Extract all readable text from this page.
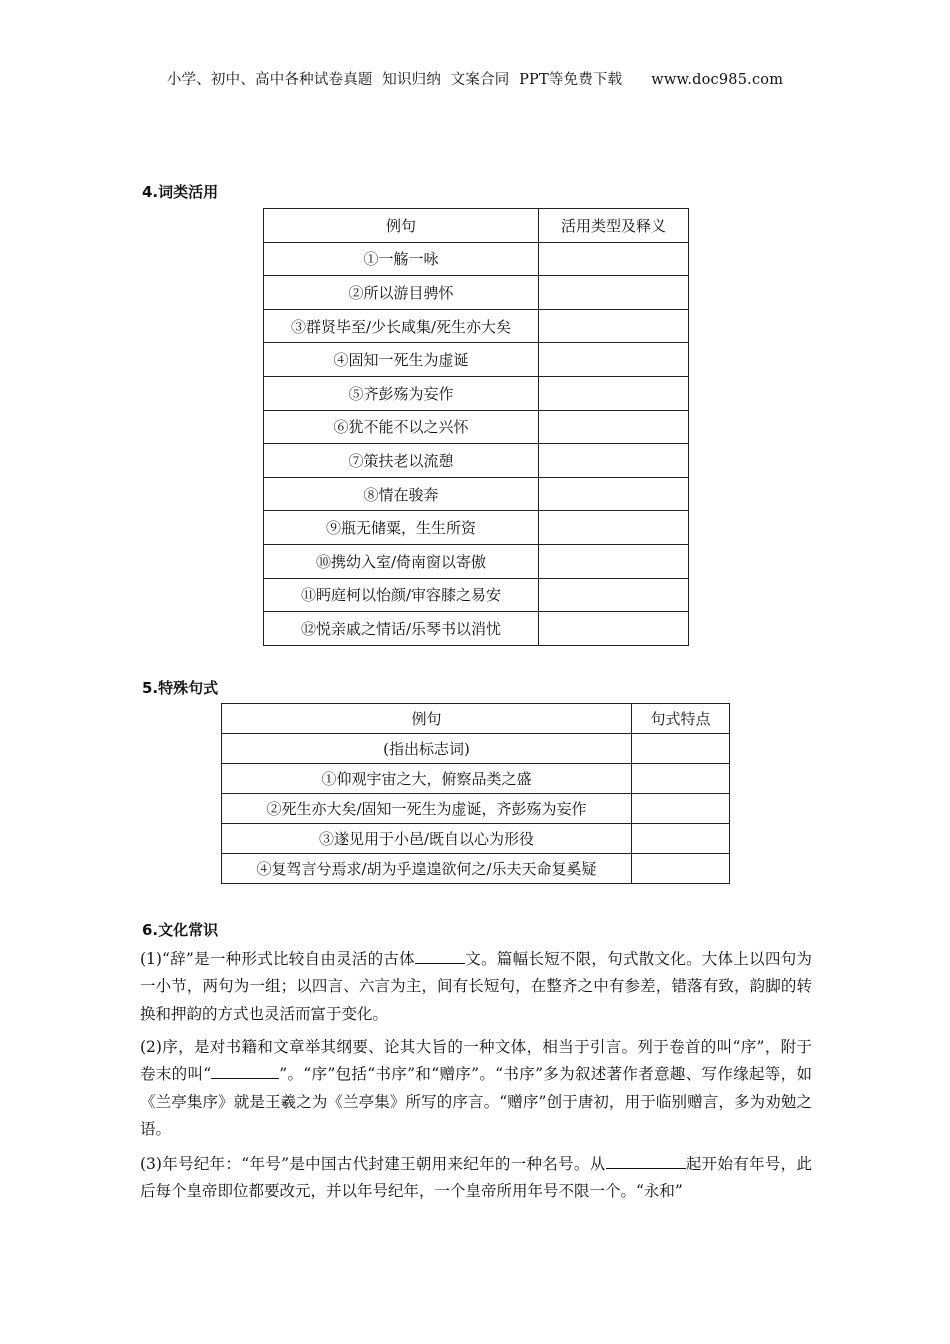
小学、初中、高中各种试卷真题  知识归纳  文案合同  PPT等免费下载      www.doc985.com
4.词类活用
例句	活用类型及释义
①一觞一咏	
②所以游目骋怀	
③群贤毕至/少长咸集/死生亦大矣	
④固知一死生为虚诞	
⑤齐彭殇为妄作	
⑥犹不能不以之兴怀	
⑦策扶老以流憩	
⑧情在骏奔	
⑨瓶无储粟，生生所资	
⑩携幼入室/倚南窗以寄傲	
⑪眄庭柯以怡颜/审容膝之易安	
⑫悦亲戚之情话/乐琴书以消忧	
5.特殊句式
例句	句式特点
(指出标志词)	
①仰观宇宙之大，俯察品类之盛	
②死生亦大矣/固知一死生为虚诞，齐彭殇为妄作	
③遂见用于小邑/既自以心为形役	
④复驾言兮焉求/胡为乎遑遑欲何之/乐夫天命复奚疑	
6.文化常识

(1)“辞”是一种形式比较自由灵活的古体	文。篇幅长短不限，句式散文化。大体上以四句为一小节，两句为一组；以四言、六言为主，间有长短句，在整齐之中有参差，错落有致，韵脚的转换和押韵的方式也灵活而富于变化。

(2)序，是对书籍和文章举其纲要、论其大旨的一种文体，相当于引言。列于卷首的叫“序”，附于卷末的叫“	”。“序”包括“书序”和“赠序”。“书序”多为叙述著作者意趣、写作缘起等，如《兰亭集序》就是王羲之为《兰亭集》所写的序言。“赠序”创于唐初，用于临别赠言，多为劝勉之语。

(3)年号纪年：“年号”是中国古代封建王朝用来纪年的一种名号。从	起开始有年号，此后每个皇帝即位都要改元，并以年号纪年，一个皇帝所用年号不限一个。“永和”
